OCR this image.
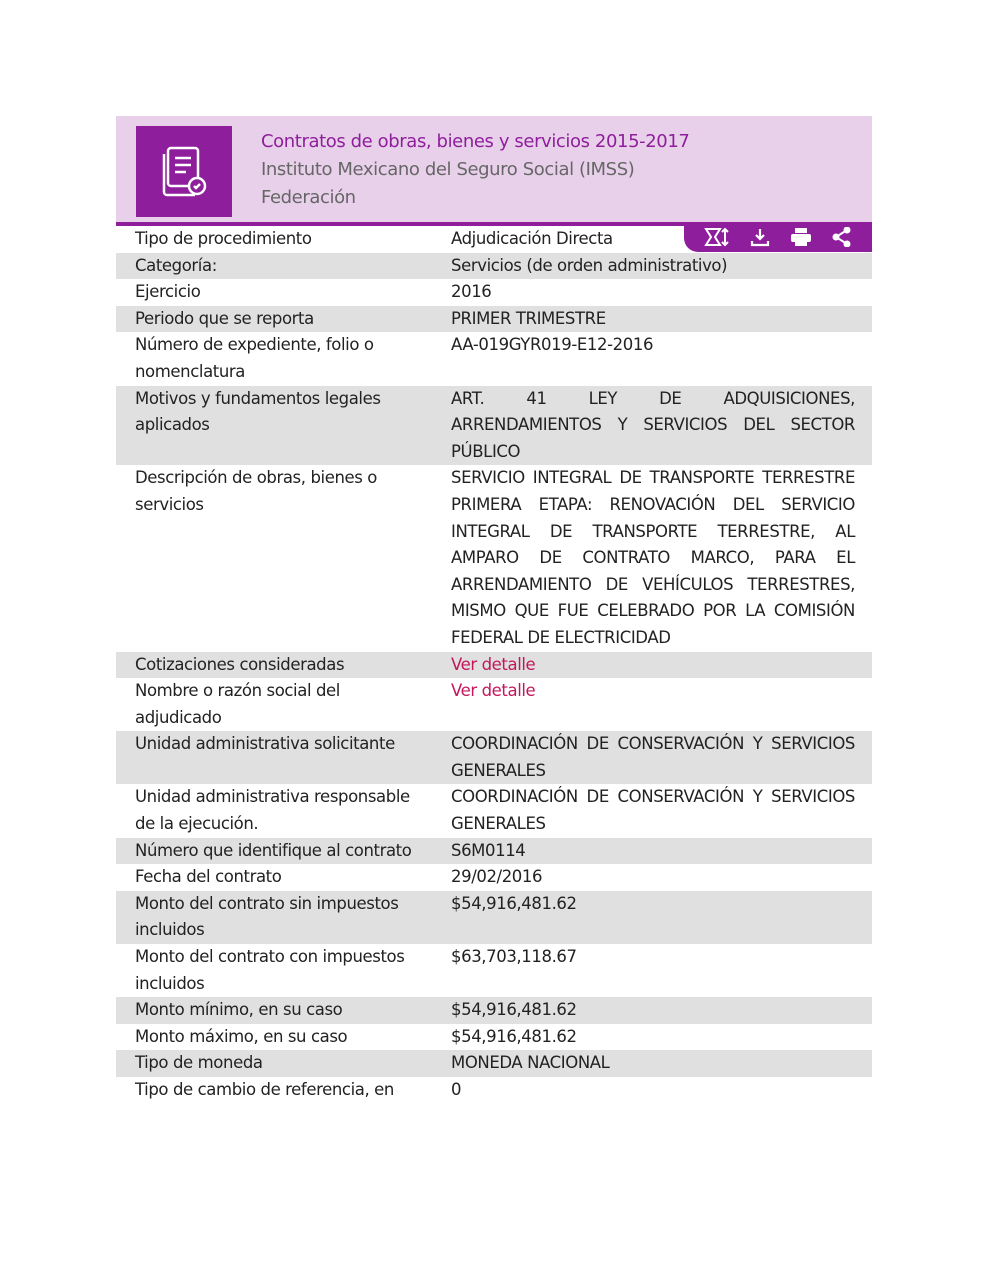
Contratos de obras, bienes y servicios 2015-2017
Instituto Mexicano del Seguro Social (IMSS)
Federación
Tipo de procedimiento	Adjudicación Directa
Categoría:	Servicios (de orden administrativo)
Ejercicio	2016
Periodo que se reporta	PRIMER TRIMESTRE
Número de expediente, folio o nomenclatura	AA-019GYR019-E12-2016
Motivos y fundamentos legales aplicados	ART. 41 LEY DE ADQUISICIONES, ARRENDAMIENTOS Y SERVICIOS DEL SECTOR PÚBLICO
Descripción de obras, bienes o servicios	SERVICIO INTEGRAL DE TRANSPORTE TERRESTRE PRIMERA ETAPA: RENOVACIÓN DEL SERVICIO INTEGRAL DE TRANSPORTE TERRESTRE, AL AMPARO DE CONTRATO MARCO, PARA EL ARRENDAMIENTO DE VEHÍCULOS TERRESTRES, MISMO QUE FUE CELEBRADO POR LA COMISIÓN FEDERAL DE ELECTRICIDAD
Cotizaciones consideradas	Ver detalle
Nombre o razón social del adjudicado	Ver detalle
Unidad administrativa solicitante	COORDINACIÓN DE CONSERVACIÓN Y SERVICIOS GENERALES
Unidad administrativa responsable de la ejecución.	COORDINACIÓN DE CONSERVACIÓN Y SERVICIOS GENERALES
Número que identifique al contrato	S6M0114
Fecha del contrato	29/02/2016
Monto del contrato sin impuestos incluidos	$54,916,481.62
Monto del contrato con impuestos incluidos	$63,703,118.67
Monto mínimo, en su caso	$54,916,481.62
Monto máximo, en su caso	$54,916,481.62
Tipo de moneda	MONEDA NACIONAL
Tipo de cambio de referencia, en	0
